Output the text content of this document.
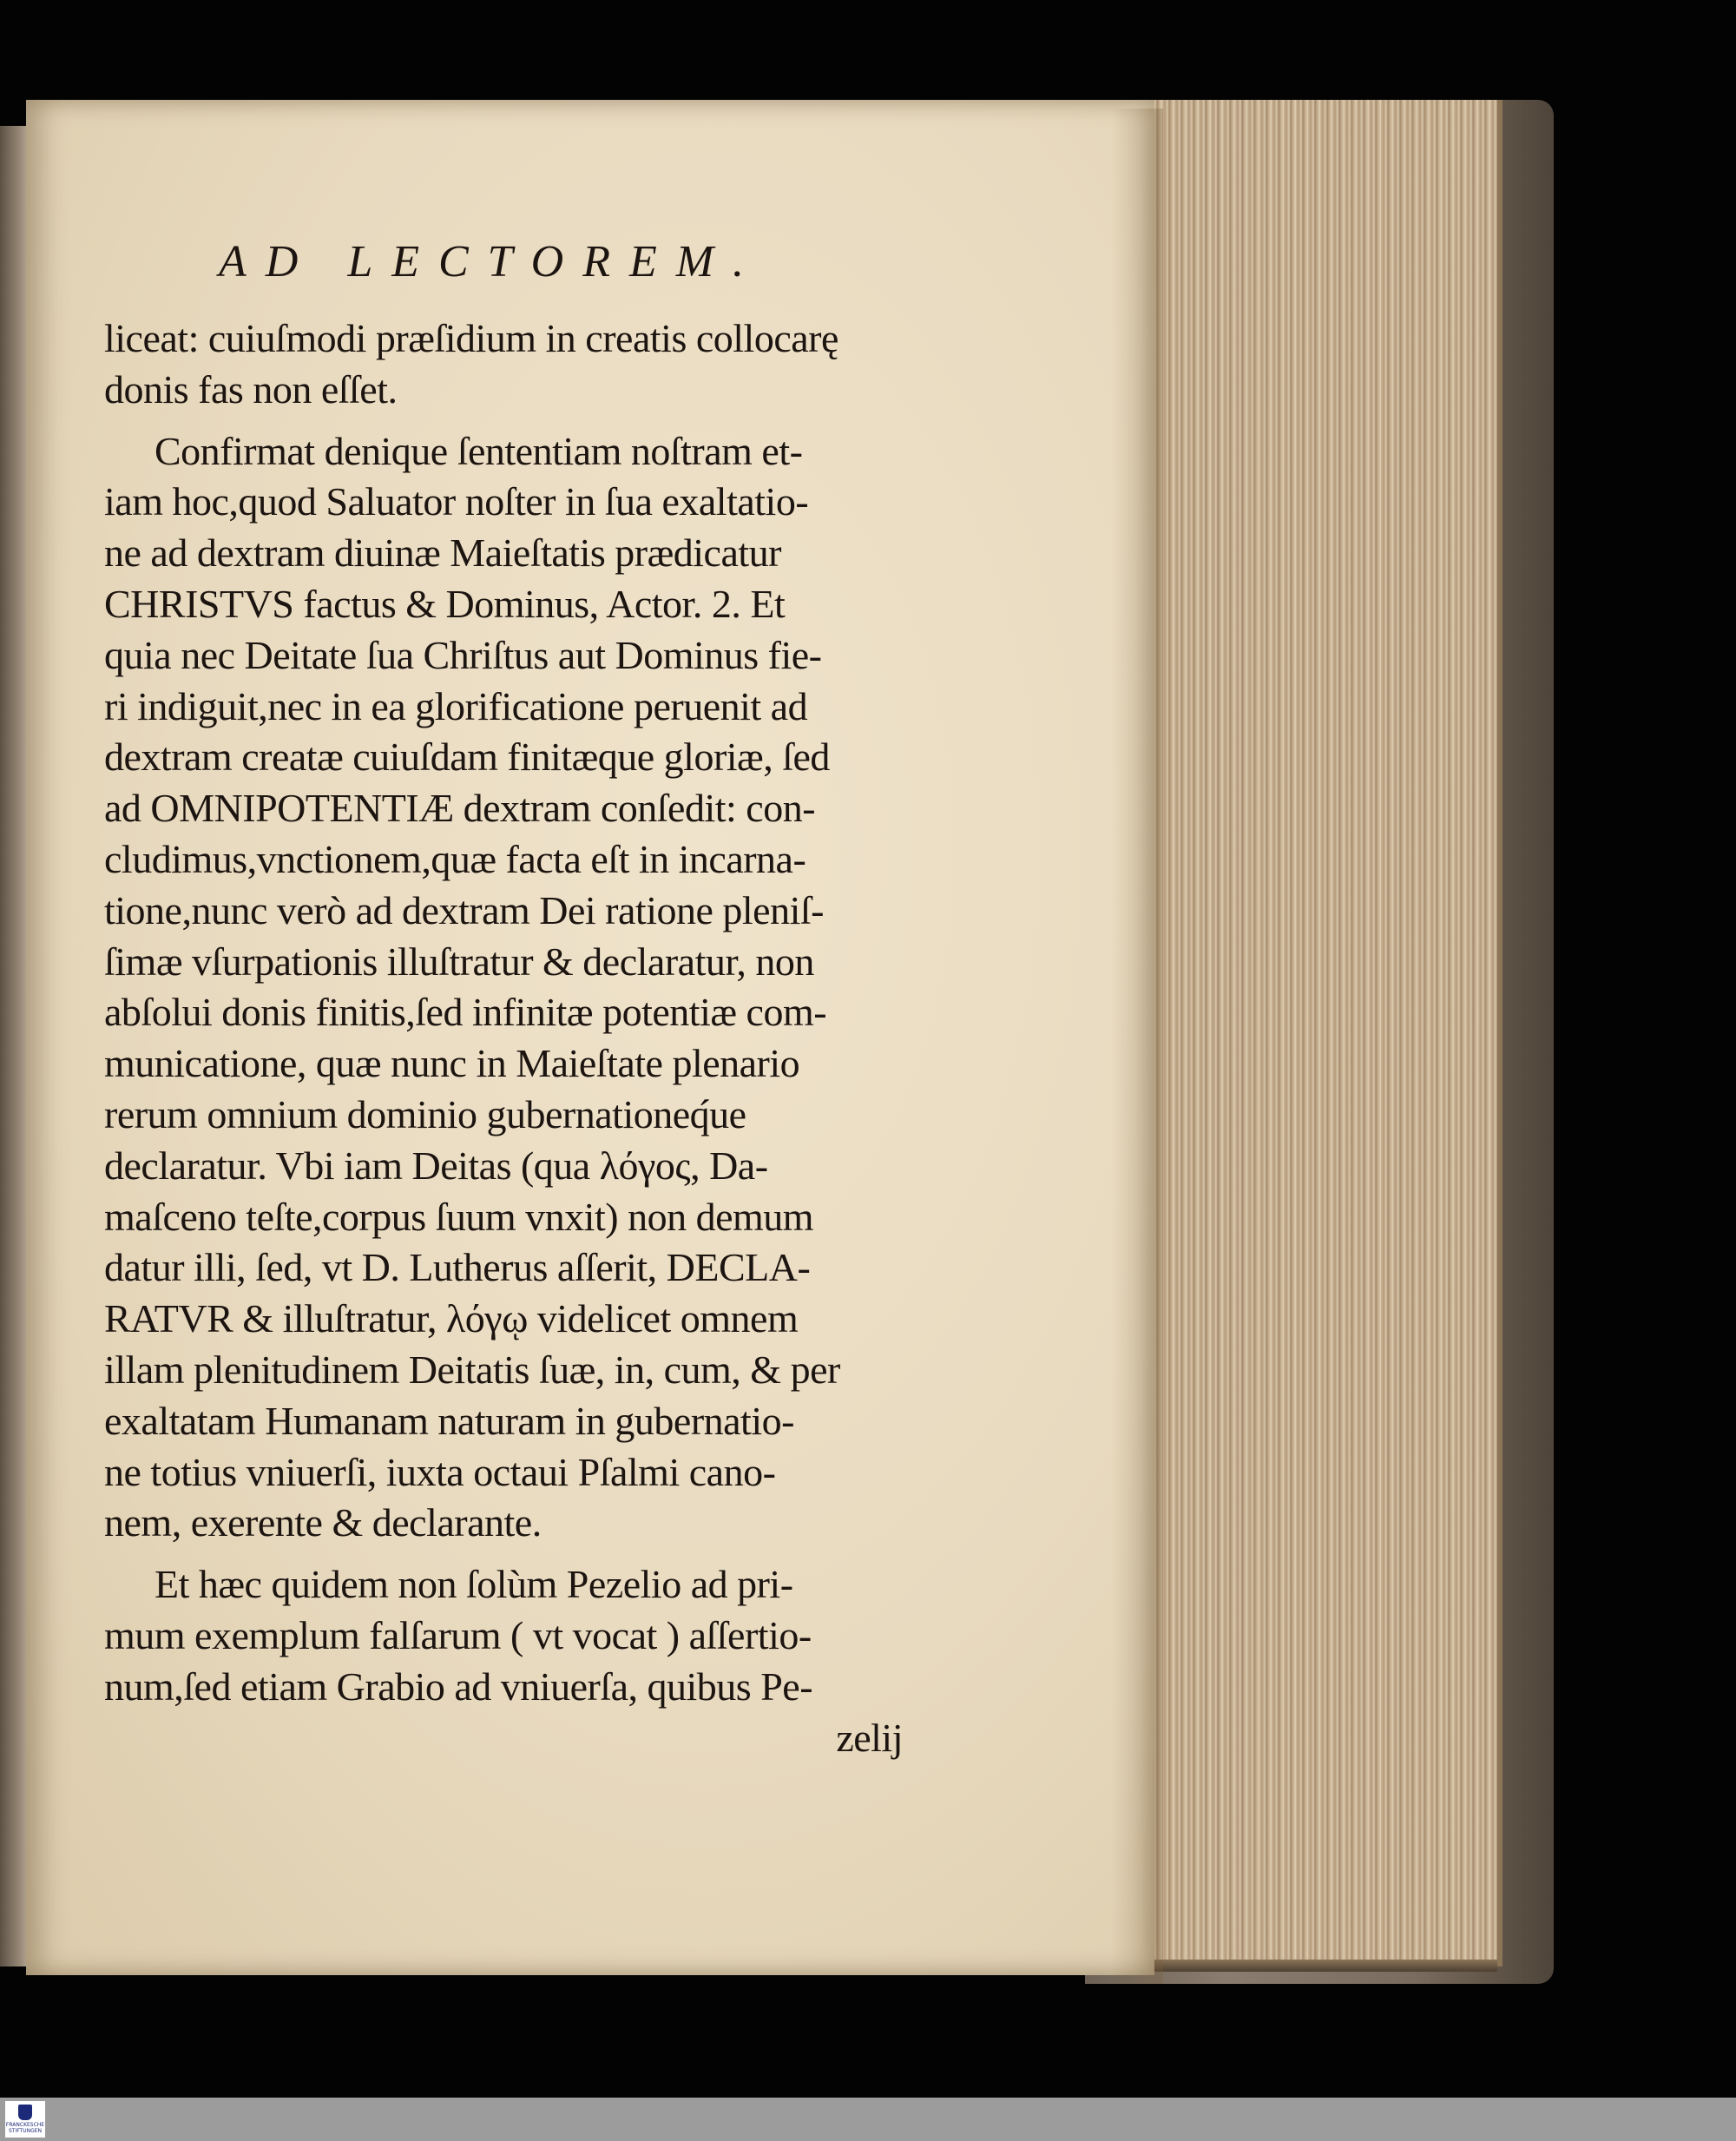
AD LECTOREM.
liceat: cuiuſmodi præſidium in creatis collocarę
donis fas non eſſet.
Confirmat denique ſententiam noſtram et-
iam hoc,quod Saluator noſter in ſua exaltatio-
ne ad dextram diuinæ Maieſtatis prædicatur
CHRISTVS factus & Dominus, Actor. 2. Et
quia nec Deitate ſua Chriſtus aut Dominus fie-
ri indiguit,nec in ea glorificatione peruenit ad
dextram creatæ cuiuſdam finitæque gloriæ, ſed
ad OMNIPOTENTIÆ dextram conſedit: con-
cludimus,vnctionem,quæ facta eſt in incarna-
tione,nunc verò ad dextram Dei ratione pleniſ-
ſimæ vſurpationis illuſtratur & declaratur, non
abſolui donis finitis,ſed infinitæ potentiæ com-
municatione, quæ nunc in Maieſtate plenario
rerum omnium dominio gubernationeq́ue
declaratur. Vbi iam Deitas (qua λόγος, Da-
maſceno teſte,corpus ſuum vnxit) non demum
datur illi, ſed, vt D. Lutherus aſſerit, DECLA-
RATVR & illuſtratur, λόγῳ videlicet omnem
illam plenitudinem Deitatis ſuæ, in, cum, & per
exaltatam Humanam naturam in gubernatio-
ne totius vniuerſi, iuxta octaui Pſalmi cano-
nem, exerente & declarante.
Et hæc quidem non ſolùm Pezelio ad pri-
mum exemplum falſarum ( vt vocat ) aſſertio-
num,ſed etiam Grabio ad vniuerſa, quibus Pe-
zelij
FRANCKESCHE STIFTUNGEN
